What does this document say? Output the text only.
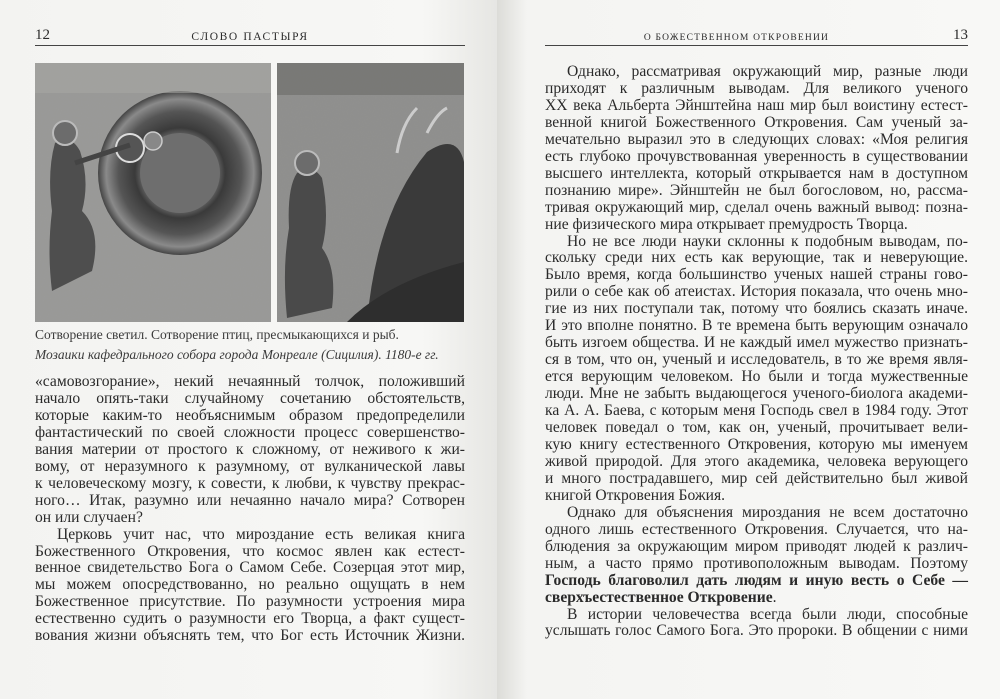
12	СЛОВО ПАСТЫРЯ
Сотворение светил. Сотворение птиц, пресмыкающихся и рыб.
Мозаики кафедрального собора города Монреале (Сицилия). 1180-е гг.
«самовозгорание», некий нечаянный толчок, положивший
начало опять-таки случайному сочетанию обстоятельств,
которые каким-то необъяснимым образом предопределили
фантастический по своей сложности процесс совершенство-
вания материи от простого к сложному, от неживого к жи-
вому, от неразумного к разумному, от вулканической лавы
к человеческому мозгу, к совести, к любви, к чувству прекрас-
ного… Итак, разумно или нечаянно начало мира? Сотворен
он или случаен?
Церковь учит нас, что мироздание есть великая книга
Божественного Откровения, что космос явлен как естест-
венное свидетельство Бога о Самом Себе. Созерцая этот мир,
мы можем опосредствованно, но реально ощущать в нем
Божественное присутствие. По разумности устроения мира
естественно судить о разумности его Творца, а факт сущест-
вования жизни объяснять тем, что Бог есть Источник Жизни.
О БОЖЕСТВЕННОМ ОТКРОВЕНИИ	13
Однако, рассматривая окружающий мир, разные люди
приходят к различным выводам. Для великого ученого
XX века Альберта Эйнштейна наш мир был воистину естест-
венной книгой Божественного Откровения. Сам ученый за-
мечательно выразил это в следующих словах: «Моя религия
есть глубоко прочувствованная уверенность в существовании
высшего интеллекта, который открывается нам в доступном
познанию мире». Эйнштейн не был богословом, но, рассма-
тривая окружающий мир, сделал очень важный вывод: позна-
ние физического мира открывает премудрость Творца.
Но не все люди науки склонны к подобным выводам, по-
скольку среди них есть как верующие, так и неверующие.
Было время, когда большинство ученых нашей страны гово-
рили о себе как об атеистах. История показала, что очень мно-
гие из них поступали так, потому что боялись сказать иначе.
И это вполне понятно. В те времена быть верующим означало
быть изгоем общества. И не каждый имел мужество признать-
ся в том, что он, ученый и исследователь, в то же время явля-
ется верующим человеком. Но были и тогда мужественные
люди. Мне не забыть выдающегося ученого-биолога академи-
ка А. А. Баева, с которым меня Господь свел в 1984 году. Этот
человек поведал о том, как он, ученый, прочитывает вели-
кую книгу естественного Откровения, которую мы именуем
живой природой. Для этого академика, человека верующего
и много пострадавшего, мир сей действительно был живой
книгой Откровения Божия.
Однако для объяснения мироздания не всем достаточно
одного лишь естественного Откровения. Случается, что на-
блюдения за окружающим миром приводят людей к различ-
ным, а часто прямо противоположным выводам. Поэтому
Господь благоволил дать людям и иную весть о Себе —
сверхъестественное Откровение.
В истории человечества всегда были люди, способные
услышать голос Самого Бога. Это пророки. В общении с ними
